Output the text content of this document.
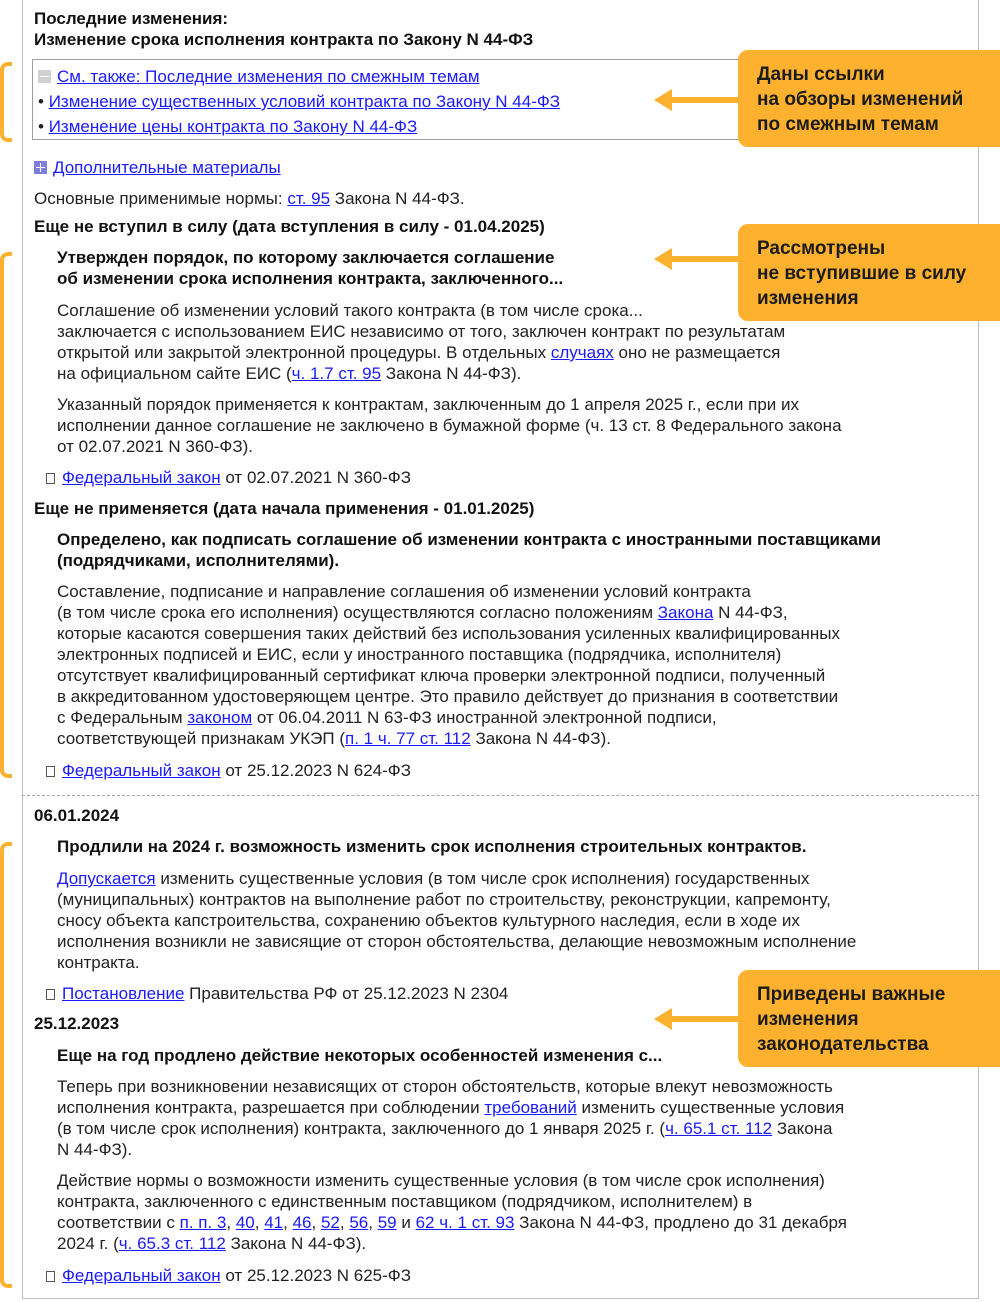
Последние изменения:
Изменение срока исполнения контракта по Закону N 44-ФЗ
См. также: Последние изменения по смежным темам
• Изменение существенных условий контракта по Закону N 44-ФЗ
• Изменение цены контракта по Закону N 44-ФЗ
Дополнительные материалы
Основные применимые нормы: ст. 95 Закона N 44-ФЗ.
Еще не вступил в силу (дата вступления в силу - 01.04.2025)
Утвержден порядок, по которому заключается соглашение
об изменении срока исполнения контракта, заключенного...
Соглашение об изменении условий такого контракта (в том числе срока...
заключается с использованием ЕИС независимо от того, заключен контракт по результатам
открытой или закрытой электронной процедуры. В отдельных случаях оно не размещается
на официальном сайте ЕИС (ч. 1.7 ст. 95 Закона N 44-ФЗ).
Указанный порядок применяется к контрактам, заключенным до 1 апреля 2025 г., если при их
исполнении данное соглашение не заключено в бумажной форме (ч. 13 ст. 8 Федерального закона
от 02.07.2021 N 360-ФЗ).
Федеральный закон от 02.07.2021 N 360-ФЗ
Еще не применяется (дата начала применения - 01.01.2025)
Определено, как подписать соглашение об изменении контракта с иностранными поставщиками
(подрядчиками, исполнителями).
Составление, подписание и направление соглашения об изменении условий контракта
(в том числе срока его исполнения) осуществляются согласно положениям Закона N 44-ФЗ,
которые касаются совершения таких действий без использования усиленных квалифицированных
электронных подписей и ЕИС, если у иностранного поставщика (подрядчика, исполнителя)
отсутствует квалифицированный сертификат ключа проверки электронной подписи, полученный
в аккредитованном удостоверяющем центре. Это правило действует до признания в соответствии
с Федеральным законом от 06.04.2011 N 63-ФЗ иностранной электронной подписи,
соответствующей признакам УКЭП (п. 1 ч. 77 ст. 112 Закона N 44-ФЗ).
Федеральный закон от 25.12.2023 N 624-ФЗ
06.01.2024
Продлили на 2024 г. возможность изменить срок исполнения строительных контрактов.
Допускается изменить существенные условия (в том числе срок исполнения) государственных
(муниципальных) контрактов на выполнение работ по строительству, реконструкции, капремонту,
сносу объекта капстроительства, сохранению объектов культурного наследия, если в ходе их
исполнения возникли не зависящие от сторон обстоятельства, делающие невозможным исполнение
контракта.
Постановление Правительства РФ от 25.12.2023 N 2304
25.12.2023
Еще на год продлено действие некоторых особенностей изменения с...
Теперь при возникновении независящих от сторон обстоятельств, которые влекут невозможность
исполнения контракта, разрешается при соблюдении требований изменить существенные условия
(в том числе срок исполнения) контракта, заключенного до 1 января 2025 г. (ч. 65.1 ст. 112 Закона
N 44-ФЗ).
Действие нормы о возможности изменить существенные условия (в том числе срок исполнения)
контракта, заключенного с единственным поставщиком (подрядчиком, исполнителем) в
соответствии с п. п. 3, 40, 41, 46, 52, 56, 59 и 62 ч. 1 ст. 93 Закона N 44-ФЗ, продлено до 31 декабря
2024 г. (ч. 65.3 ст. 112 Закона N 44-ФЗ).
Федеральный закон от 25.12.2023 N 625-ФЗ
Даны ссылки
на обзоры изменений
по смежным темам
Рассмотрены
не вступившие в силу
изменения
Приведены важные
изменения
законодательства
